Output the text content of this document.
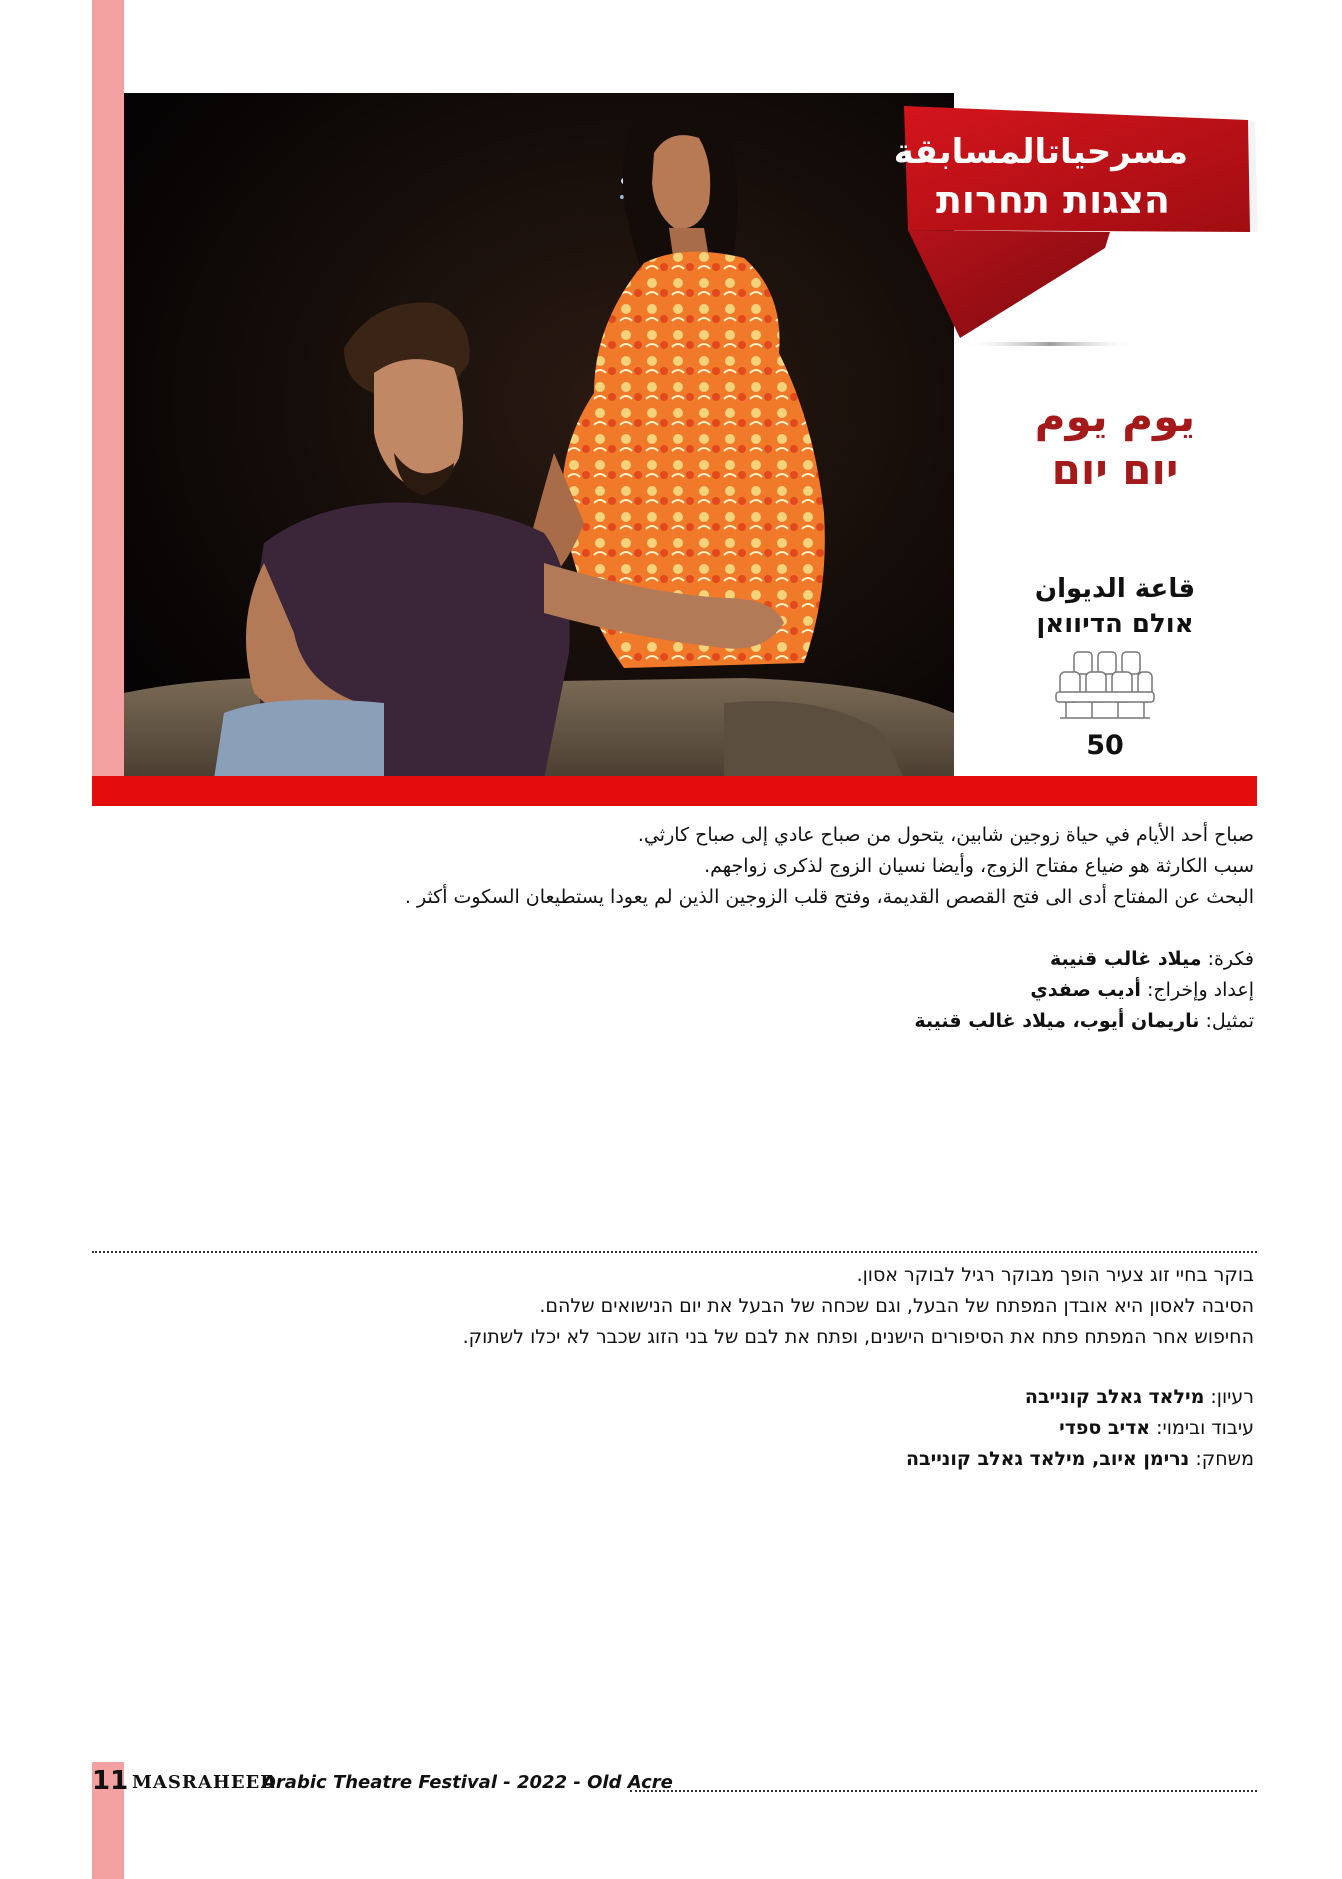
مسرحياتالمسابقة
הצגות תחרות
يوم يوم
יום יום
قاعة الديوان
אולם הדיוואן
50

صباح أحد الأيام في حياة زوجين شابين، يتحول من صباح عادي إلى صباح كارثي.

سبب الكارثة هو ضياع مفتاح الزوج، وأيضا نسيان الزوج لذكرى زواجهم.

البحث عن المفتاح أدى الى فتح القصص القديمة، وفتح قلب الزوجين الذين لم يعودا يستطيعان السكوت أكثر .

فكرة: ميلاد غالب قنيبة

إعداد وإخراج: أديب صفدي

تمثيل: ناريمان أيوب، ميلاد غالب قنيبة

בוקר בחיי זוג צעיר הופך מבוקר רגיל לבוקר אסון.

הסיבה לאסון היא אובדן המפתח של הבעל, וגם שכחה של הבעל את יום הנישואים שלהם.

החיפוש אחר המפתח פתח את הסיפורים הישנים, ופתח את לבם של בני הזוג שכבר לא יכלו לשתוק.

רעיון: מילאד גאלב קונייבה

עיבוד ובימוי: אדיב ספדי

משחק: נרימן איוב, מילאד גאלב קונייבה

11 MASRAHEED
Arabic Theatre Festival - 2022 - Old Acre
